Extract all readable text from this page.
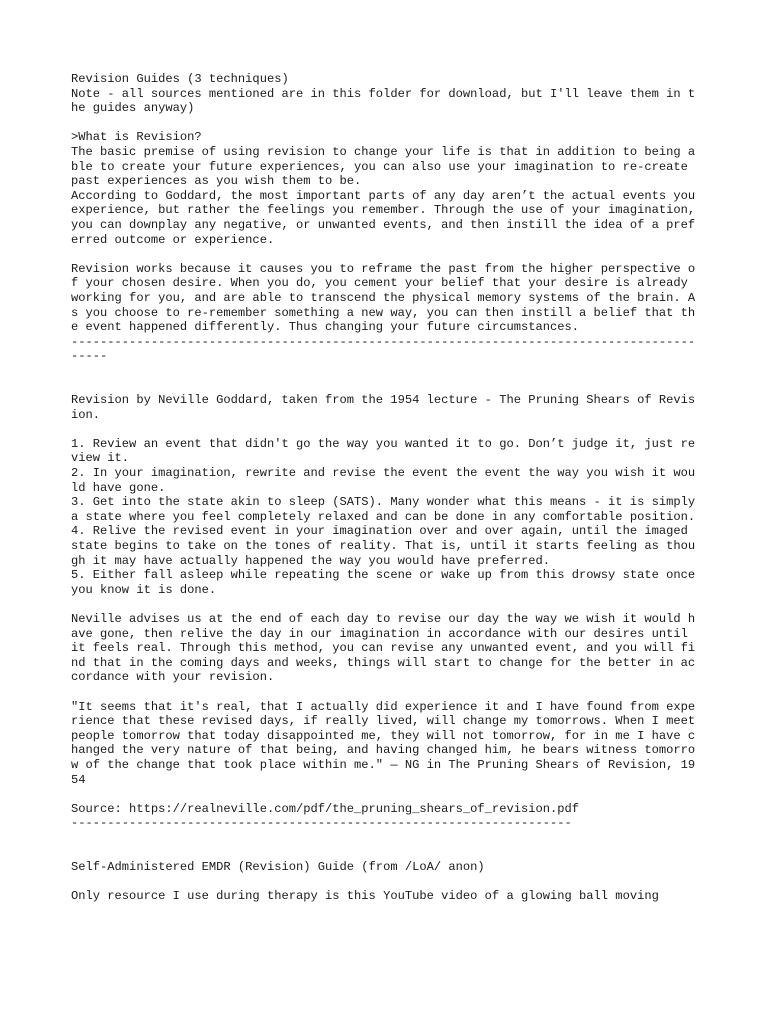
Revision Guides (3 techniques)

Note - all sources mentioned are in this folder for download, but I'll leave them in the guides anyway)

>What is Revision?

The basic premise of using revision to change your life is that in addition to being able to create your future experiences, you can also use your imagination to re-create past experiences as you wish them to be.

According to Goddard, the most important parts of any day aren’t the actual events you experience, but rather the feelings you remember. Through the use of your imagination, you can downplay any negative, or unwanted events, and then instill the idea of a preferred outcome or experience.

Revision works because it causes you to reframe the past from the higher perspective of your chosen desire. When you do, you cement your belief that your desire is already working for you, and are able to transcend the physical memory systems of the brain. As you choose to re-remember something a new way, you can then instill a belief that the event happened differently. Thus changing your future circumstances.

-------------------------------------------------------------------------------------------

Revision by Neville Goddard, taken from the 1954 lecture - The Pruning Shears of Revision.

1. Review an event that didn't go the way you wanted it to go. Don’t judge it, just review it.

2. In your imagination, rewrite and revise the event the event the way you wish it would have gone.

3. Get into the state akin to sleep (SATS). Many wonder what this means - it is simply a state where you feel completely relaxed and can be done in any comfortable position.

4. Relive the revised event in your imagination over and over again, until the imaged state begins to take on the tones of reality. That is, until it starts feeling as though it may have actually happened the way you would have preferred.

5. Either fall asleep while repeating the scene or wake up from this drowsy state once you know it is done.

Neville advises us at the end of each day to revise our day the way we wish it would have gone, then relive the day in our imagination in accordance with our desires until it feels real. Through this method, you can revise any unwanted event, and you will find that in the coming days and weeks, things will start to change for the better in accordance with your revision.

"It seems that it's real, that I actually did experience it and I have found from experience that these revised days, if really lived, will change my tomorrows. When I meet people tomorrow that today disappointed me, they will not tomorrow, for in me I have changed the very nature of that being, and having changed him, he bears witness tomorrow of the change that took place within me." — NG in The Pruning Shears of Revision, 1954

Source: https://realneville.com/pdf/the_pruning_shears_of_revision.pdf

---------------------------------------------------------------------

Self-Administered EMDR (Revision) Guide (from /LoA/ anon)

Only resource I use during therapy is this YouTube video of a glowing ball moving
